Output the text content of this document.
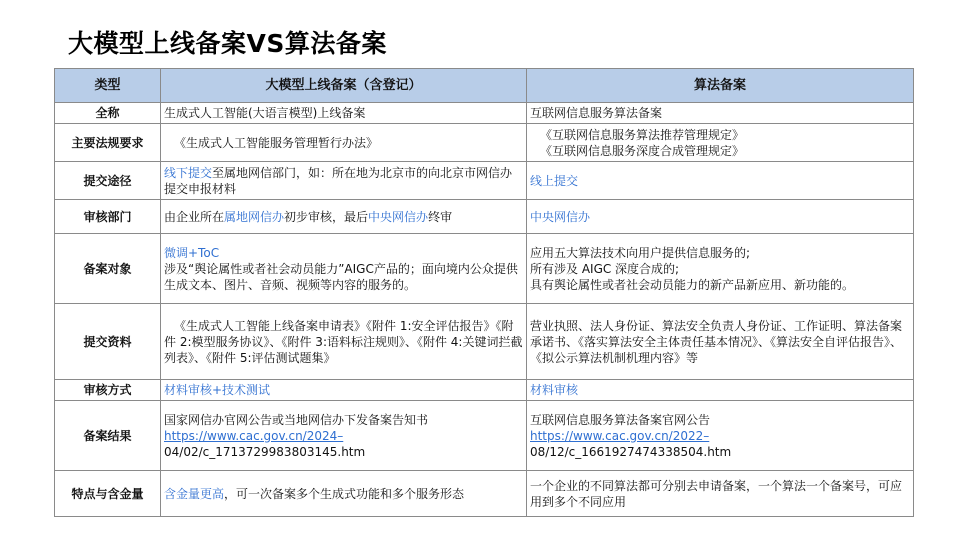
大模型上线备案VS算法备案
类型	大模型上线备案（含登记）	算法备案
全称	生成式人工智能(大语言模型)上线备案	互联网信息服务算法备案
主要法规要求	《生成式人工智能服务管理暂行办法》	《互联网信息服务算法推荐管理规定》
《互联网信息服务深度合成管理规定》
提交途径	线下提交至属地网信部门，如：所在地为北京市的向北京市网信办提交申报材料	线上提交
审核部门	由企业所在属地网信办初步审核，最后中央网信办终审	中央网信办
备案对象	微调+ToC
涉及“舆论属性或者社会动员能力”AIGC产品的；面向境内公众提供生成文本、图片、音频、视频等内容的服务的。	应用五大算法技术向用户提供信息服务的;
所有涉及 AIGC 深度合成的;
具有舆论属性或者社会动员能力的新产品新应用、新功能的。
提交资料	《生成式人工智能上线备案申请表》《附件 1:安全评估报告》《附件 2:模型服务协议》、《附件 3:语料标注规则》、《附件 4:关键词拦截列表》、《附件 5:评估测试题集》	营业执照、法人身份证、算法安全负责人身份证、工作证明、算法备案承诺书、《落实算法安全主体责任基本情况》、《算法安全自评估报告》、《拟公示算法机制机理内容》等
审核方式	材料审核+技术测试	材料审核
备案结果	国家网信办官网公告或当地网信办下发备案告知书
https://www.cac.gov.cn/2024–
04/02/c_1713729983803145.htm	互联网信息服务算法备案官网公告
https://www.cac.gov.cn/2022–
08/12/c_1661927474338504.htm
特点与含金量	含金量更高，可一次备案多个生成式功能和多个服务形态	一个企业的不同算法都可分别去申请备案，一个算法一个备案号，可应用到多个不同应用
